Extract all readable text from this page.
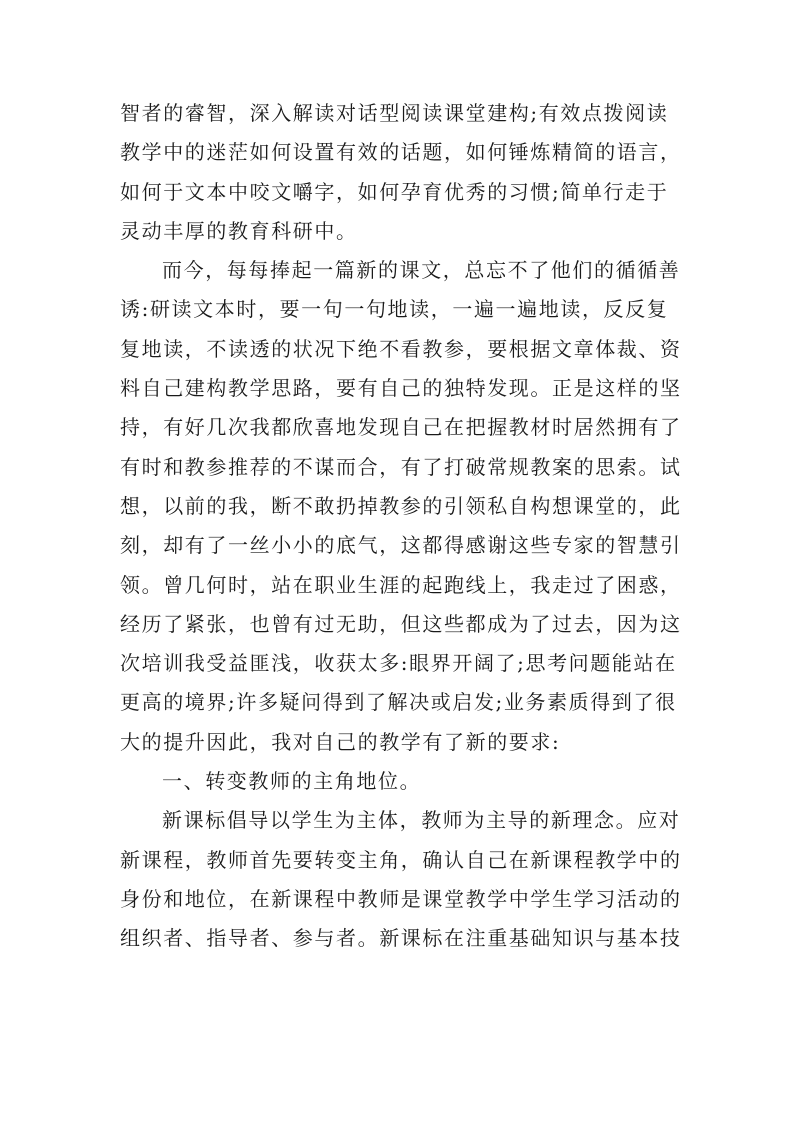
智者的睿智，深入解读对话型阅读课堂建构;有效点拨阅读
教学中的迷茫如何设置有效的话题，如何锤炼精简的语言，
如何于文本中咬文嚼字，如何孕育优秀的习惯;简单行走于
灵动丰厚的教育科研中。
而今，每每捧起一篇新的课文，总忘不了他们的循循善
诱:研读文本时，要一句一句地读，一遍一遍地读，反反复
复地读，不读透的状况下绝不看教参，要根据文章体裁、资
料自己建构教学思路，要有自己的独特发现。正是这样的坚
持，有好几次我都欣喜地发现自己在把握教材时居然拥有了
有时和教参推荐的不谋而合，有了打破常规教案的思索。试
想，以前的我，断不敢扔掉教参的引领私自构想课堂的，此
刻，却有了一丝小小的底气，这都得感谢这些专家的智慧引
领。曾几何时，站在职业生涯的起跑线上，我走过了困惑，
经历了紧张，也曾有过无助，但这些都成为了过去，因为这
次培训我受益匪浅，收获太多:眼界开阔了;思考问题能站在
更高的境界;许多疑问得到了解决或启发;业务素质得到了很
大的提升因此，我对自己的教学有了新的要求:
一、转变教师的主角地位。
新课标倡导以学生为主体，教师为主导的新理念。应对
新课程，教师首先要转变主角，确认自己在新课程教学中的
身份和地位，在新课程中教师是课堂教学中学生学习活动的
组织者、指导者、参与者。新课标在注重基础知识与基本技
